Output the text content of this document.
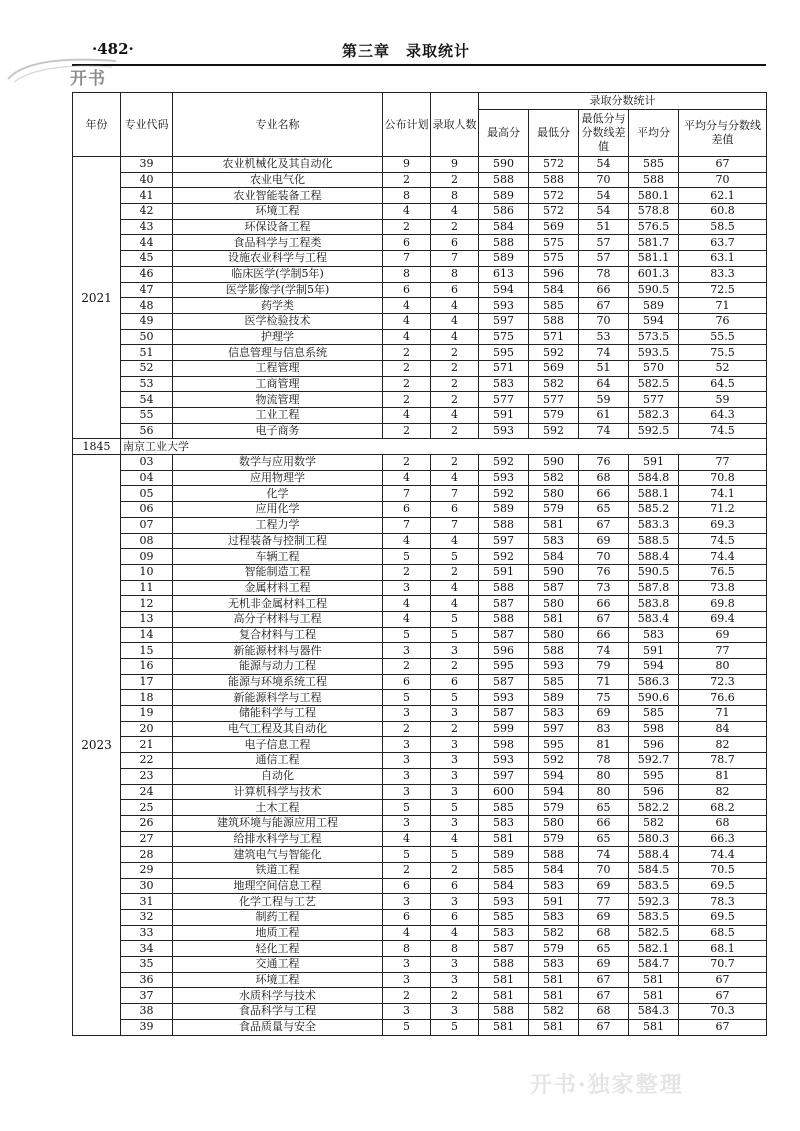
·482·	第三章　录取统计
开书
年份	专业代码	专业名称	公布计划	录取人数	录取分数统计				
					最高分	最低分	最低分与分数线差值	平均分	平均分与分数线差值
2021	39	农业机械化及其自动化	9	9	590	572	54	585	67
	40	农业电气化	2	2	588	588	70	588	70
	41	农业智能装备工程	8	8	589	572	54	580.1	62.1
	42	环境工程	4	4	586	572	54	578.8	60.8
	43	环保设备工程	2	2	584	569	51	576.5	58.5
	44	食品科学与工程类	6	6	588	575	57	581.7	63.7
	45	设施农业科学与工程	7	7	589	575	57	581.1	63.1
	46	临床医学(学制5年)	8	8	613	596	78	601.3	83.3
	47	医学影像学(学制5年)	6	6	594	584	66	590.5	72.5
	48	药学类	4	4	593	585	67	589	71
	49	医学检验技术	4	4	597	588	70	594	76
	50	护理学	4	4	575	571	53	573.5	55.5
	51	信息管理与信息系统	2	2	595	592	74	593.5	75.5
	52	工程管理	2	2	571	569	51	570	52
	53	工商管理	2	2	583	582	64	582.5	64.5
	54	物流管理	2	2	577	577	59	577	59
	55	工业工程	4	4	591	579	61	582.3	64.3
	56	电子商务	2	2	593	592	74	592.5	74.5
1845	南京工业大学								
2023	03	数学与应用数学	2	2	592	590	76	591	77
	04	应用物理学	4	4	593	582	68	584.8	70.8
	05	化学	7	7	592	580	66	588.1	74.1
	06	应用化学	6	6	589	579	65	585.2	71.2
	07	工程力学	7	7	588	581	67	583.3	69.3
	08	过程装备与控制工程	4	4	597	583	69	588.5	74.5
	09	车辆工程	5	5	592	584	70	588.4	74.4
	10	智能制造工程	2	2	591	590	76	590.5	76.5
	11	金属材料工程	3	4	588	587	73	587.8	73.8
	12	无机非金属材料工程	4	4	587	580	66	583.8	69.8
	13	高分子材料与工程	4	5	588	581	67	583.4	69.4
	14	复合材料与工程	5	5	587	580	66	583	69
	15	新能源材料与器件	3	3	596	588	74	591	77
	16	能源与动力工程	2	2	595	593	79	594	80
	17	能源与环境系统工程	6	6	587	585	71	586.3	72.3
	18	新能源科学与工程	5	5	593	589	75	590.6	76.6
	19	储能科学与工程	3	3	587	583	69	585	71
	20	电气工程及其自动化	2	2	599	597	83	598	84
	21	电子信息工程	3	3	598	595	81	596	82
	22	通信工程	3	3	593	592	78	592.7	78.7
	23	自动化	3	3	597	594	80	595	81
	24	计算机科学与技术	3	3	600	594	80	596	82
	25	土木工程	5	5	585	579	65	582.2	68.2
	26	建筑环境与能源应用工程	3	3	583	580	66	582	68
	27	给排水科学与工程	4	4	581	579	65	580.3	66.3
	28	建筑电气与智能化	5	5	589	588	74	588.4	74.4
	29	铁道工程	2	2	585	584	70	584.5	70.5
	30	地理空间信息工程	6	6	584	583	69	583.5	69.5
	31	化学工程与工艺	3	3	593	591	77	592.3	78.3
	32	制药工程	6	6	585	583	69	583.5	69.5
	33	地质工程	4	4	583	582	68	582.5	68.5
	34	轻化工程	8	8	587	579	65	582.1	68.1
	35	交通工程	3	3	588	583	69	584.7	70.7
	36	环境工程	3	3	581	581	67	581	67
	37	水质科学与技术	2	2	581	581	67	581	67
	38	食品科学与工程	3	3	588	582	68	584.3	70.3
	39	食品质量与安全	5	5	581	581	67	581	67
开书·独家整理
